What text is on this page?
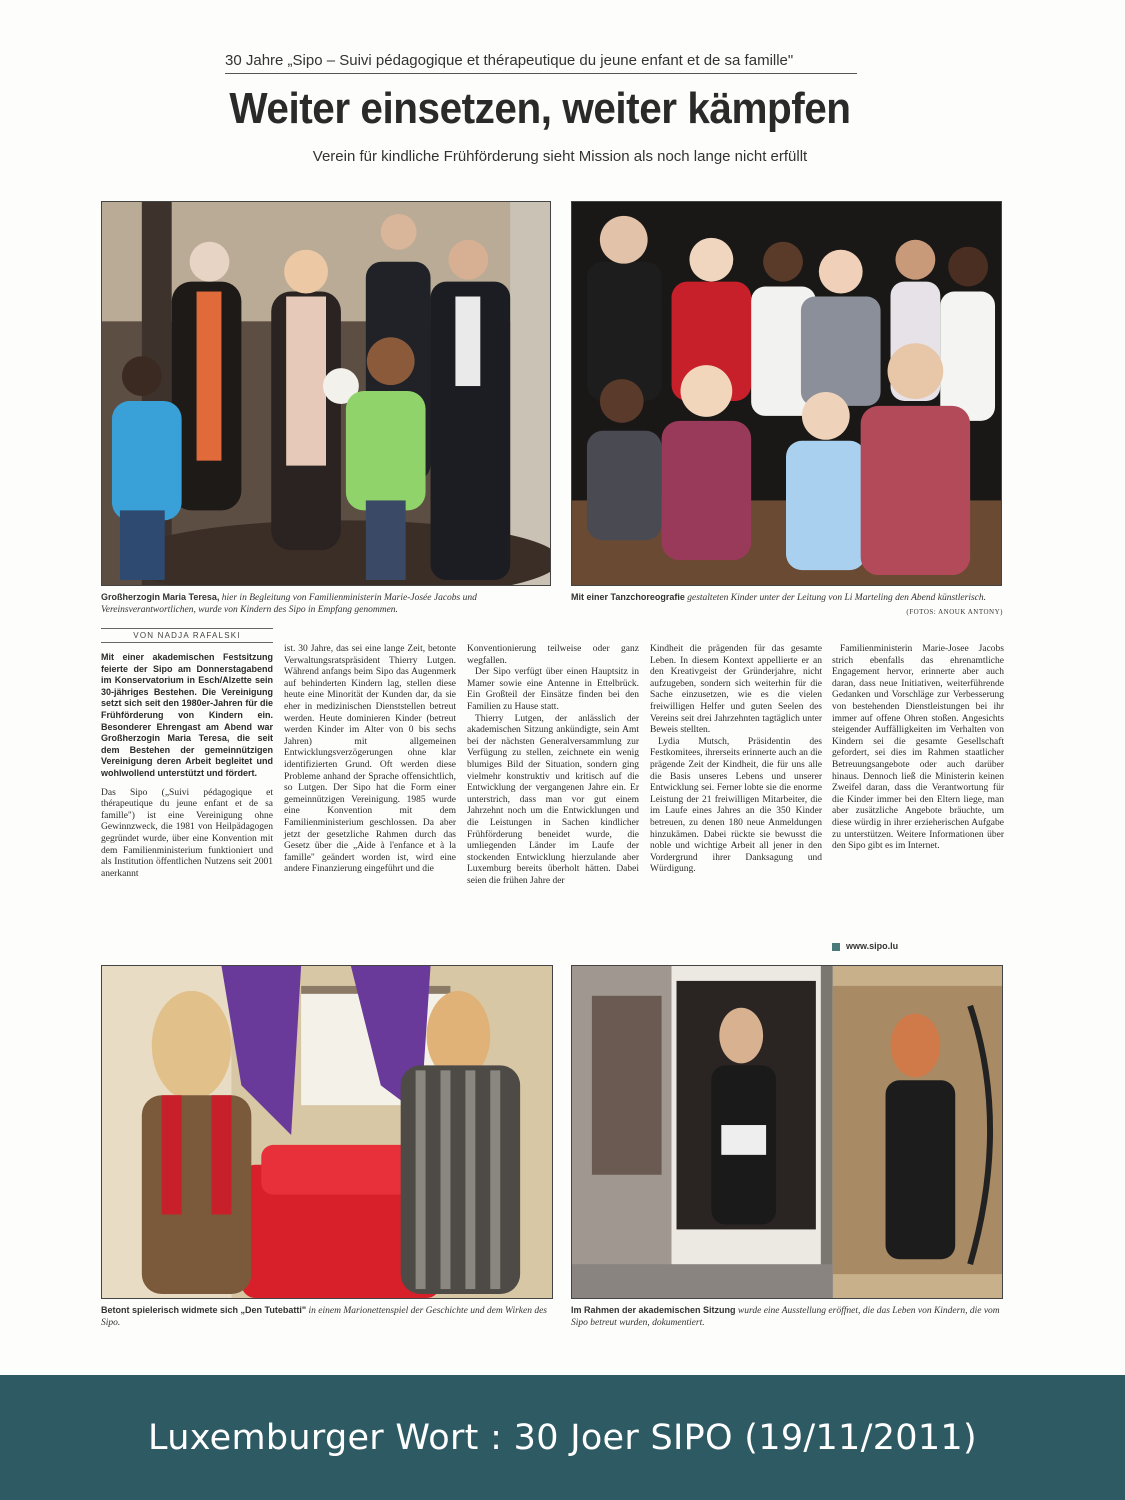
30 Jahre „Sipo – Suivi pédagogique et thérapeutique du jeune enfant et de sa famille"
Weiter einsetzen, weiter kämpfen
Verein für kindliche Frühförderung sieht Mission als noch lange nicht erfüllt
Großherzogin Maria Teresa, hier in Begleitung von Familienministerin Marie-Josée Jacobs und Vereinsverantwortlichen, wurde von Kindern des Sipo in Empfang genommen.
Mit einer Tanzchoreografie gestalteten Kinder unter der Leitung von Li Marteling den Abend künstlerisch.
(FOTOS: ANOUK ANTONY)
VON NADJA RAFALSKI
Mit einer akademischen Festsitzung feierte der Sipo am Donnerstagabend im Konservatorium in Esch/Alzette sein 30-jähriges Bestehen. Die Vereinigung setzt sich seit den 1980er-Jahren für die Frühförderung von Kindern ein. Besonderer Ehrengast am Abend war Großherzogin Maria Teresa, die seit dem Bestehen der gemeinnützigen Vereinigung deren Arbeit begleitet und wohlwollend unterstützt und fördert.

Das Sipo („Suivi pédagogique et thérapeutique du jeune enfant et de sa famille") ist eine Vereinigung ohne Gewinnzweck, die 1981 von Heilpädagogen gegründet wurde, über eine Konvention mit dem Familienministerium funktioniert und als Institution öffentlichen Nutzens seit 2001 anerkannt

ist. 30 Jahre, das sei eine lange Zeit, betonte Verwaltungsratspräsident Thierry Lutgen. Während anfangs beim Sipo das Augenmerk auf behinderten Kindern lag, stellen diese heute eine Minorität der Kunden dar, da sie eher in medizinischen Dienststellen betreut werden. Heute dominieren Kinder (betreut werden Kinder im Alter von 0 bis sechs Jahren) mit allgemeinen Entwicklungsverzögerungen ohne klar identifizierten Grund. Oft werden diese Probleme anhand der Sprache offensichtlich, so Lutgen. Der Sipo hat die Form einer gemeinnützigen Vereinigung. 1985 wurde eine Konvention mit dem Familienministerium geschlossen. Da aber jetzt der gesetzliche Rahmen durch das Gesetz über die „Aide à l'enfance et à la famille" geändert worden ist, wird eine andere Finanzierung eingeführt und die

Konventionierung teilweise oder ganz wegfallen.

Der Sipo verfügt über einen Hauptsitz in Mamer sowie eine Antenne in Ettelbrück. Ein Großteil der Einsätze finden bei den Familien zu Hause statt.

Thierry Lutgen, der anlässlich der akademischen Sitzung ankündigte, sein Amt bei der nächsten Generalversammlung zur Verfügung zu stellen, zeichnete ein wenig blumiges Bild der Situation, sondern ging vielmehr konstruktiv und kritisch auf die Entwicklung der vergangenen Jahre ein. Er unterstrich, dass man vor gut einem Jahrzehnt noch um die Entwicklungen und die Leistungen in Sachen kindlicher Frühförderung beneidet wurde, die umliegenden Länder im Laufe der stockenden Entwicklung hierzulande aber Luxemburg bereits überholt hätten. Dabei seien die frühen Jahre der

Kindheit die prägenden für das gesamte Leben. In diesem Kontext appellierte er an den Kreativgeist der Gründerjahre, nicht aufzugeben, sondern sich weiterhin für die Sache einzusetzen, wie es die vielen freiwilligen Helfer und guten Seelen des Vereins seit drei Jahrzehnten tagtäglich unter Beweis stellten.

Lydia Mutsch, Präsidentin des Festkomitees, ihrerseits erinnerte auch an die prägende Zeit der Kindheit, die für uns alle die Basis unseres Lebens und unserer Entwicklung sei. Ferner lobte sie die enorme Leistung der 21 freiwilligen Mitarbeiter, die im Laufe eines Jahres an die 350 Kinder betreuen, zu denen 180 neue Anmeldungen hinzukämen. Dabei rückte sie bewusst die noble und wichtige Arbeit all jener in den Vordergrund ihrer Danksagung und Würdigung.

Familienministerin Marie-Josee Jacobs strich ebenfalls das ehrenamtliche Engagement hervor, erinnerte aber auch daran, dass neue Initiativen, weiterführende Gedanken und Vorschläge zur Verbesserung von bestehenden Dienstleistungen bei ihr immer auf offene Ohren stoßen. Angesichts steigender Auffälligkeiten im Verhalten von Kindern sei die gesamte Gesellschaft gefordert, sei dies im Rahmen staatlicher Betreuungsangebote oder auch darüber hinaus. Dennoch ließ die Ministerin keinen Zweifel daran, dass die Verantwortung für die Kinder immer bei den Eltern liege, man aber zusätzliche Angebote bräuchte, um diese würdig in ihrer erzieherischen Aufgabe zu unterstützen. Weitere Informationen über den Sipo gibt es im Internet.

www.sipo.lu
Betont spielerisch widmete sich „Den Tutebatti" in einem Marionettenspiel der Geschichte und dem Wirken des Sipo.
Im Rahmen der akademischen Sitzung wurde eine Ausstellung eröffnet, die das Leben von Kindern, die vom Sipo betreut wurden, dokumentiert.
Luxemburger Wort : 30 Joer SIPO (19/11/2011)
